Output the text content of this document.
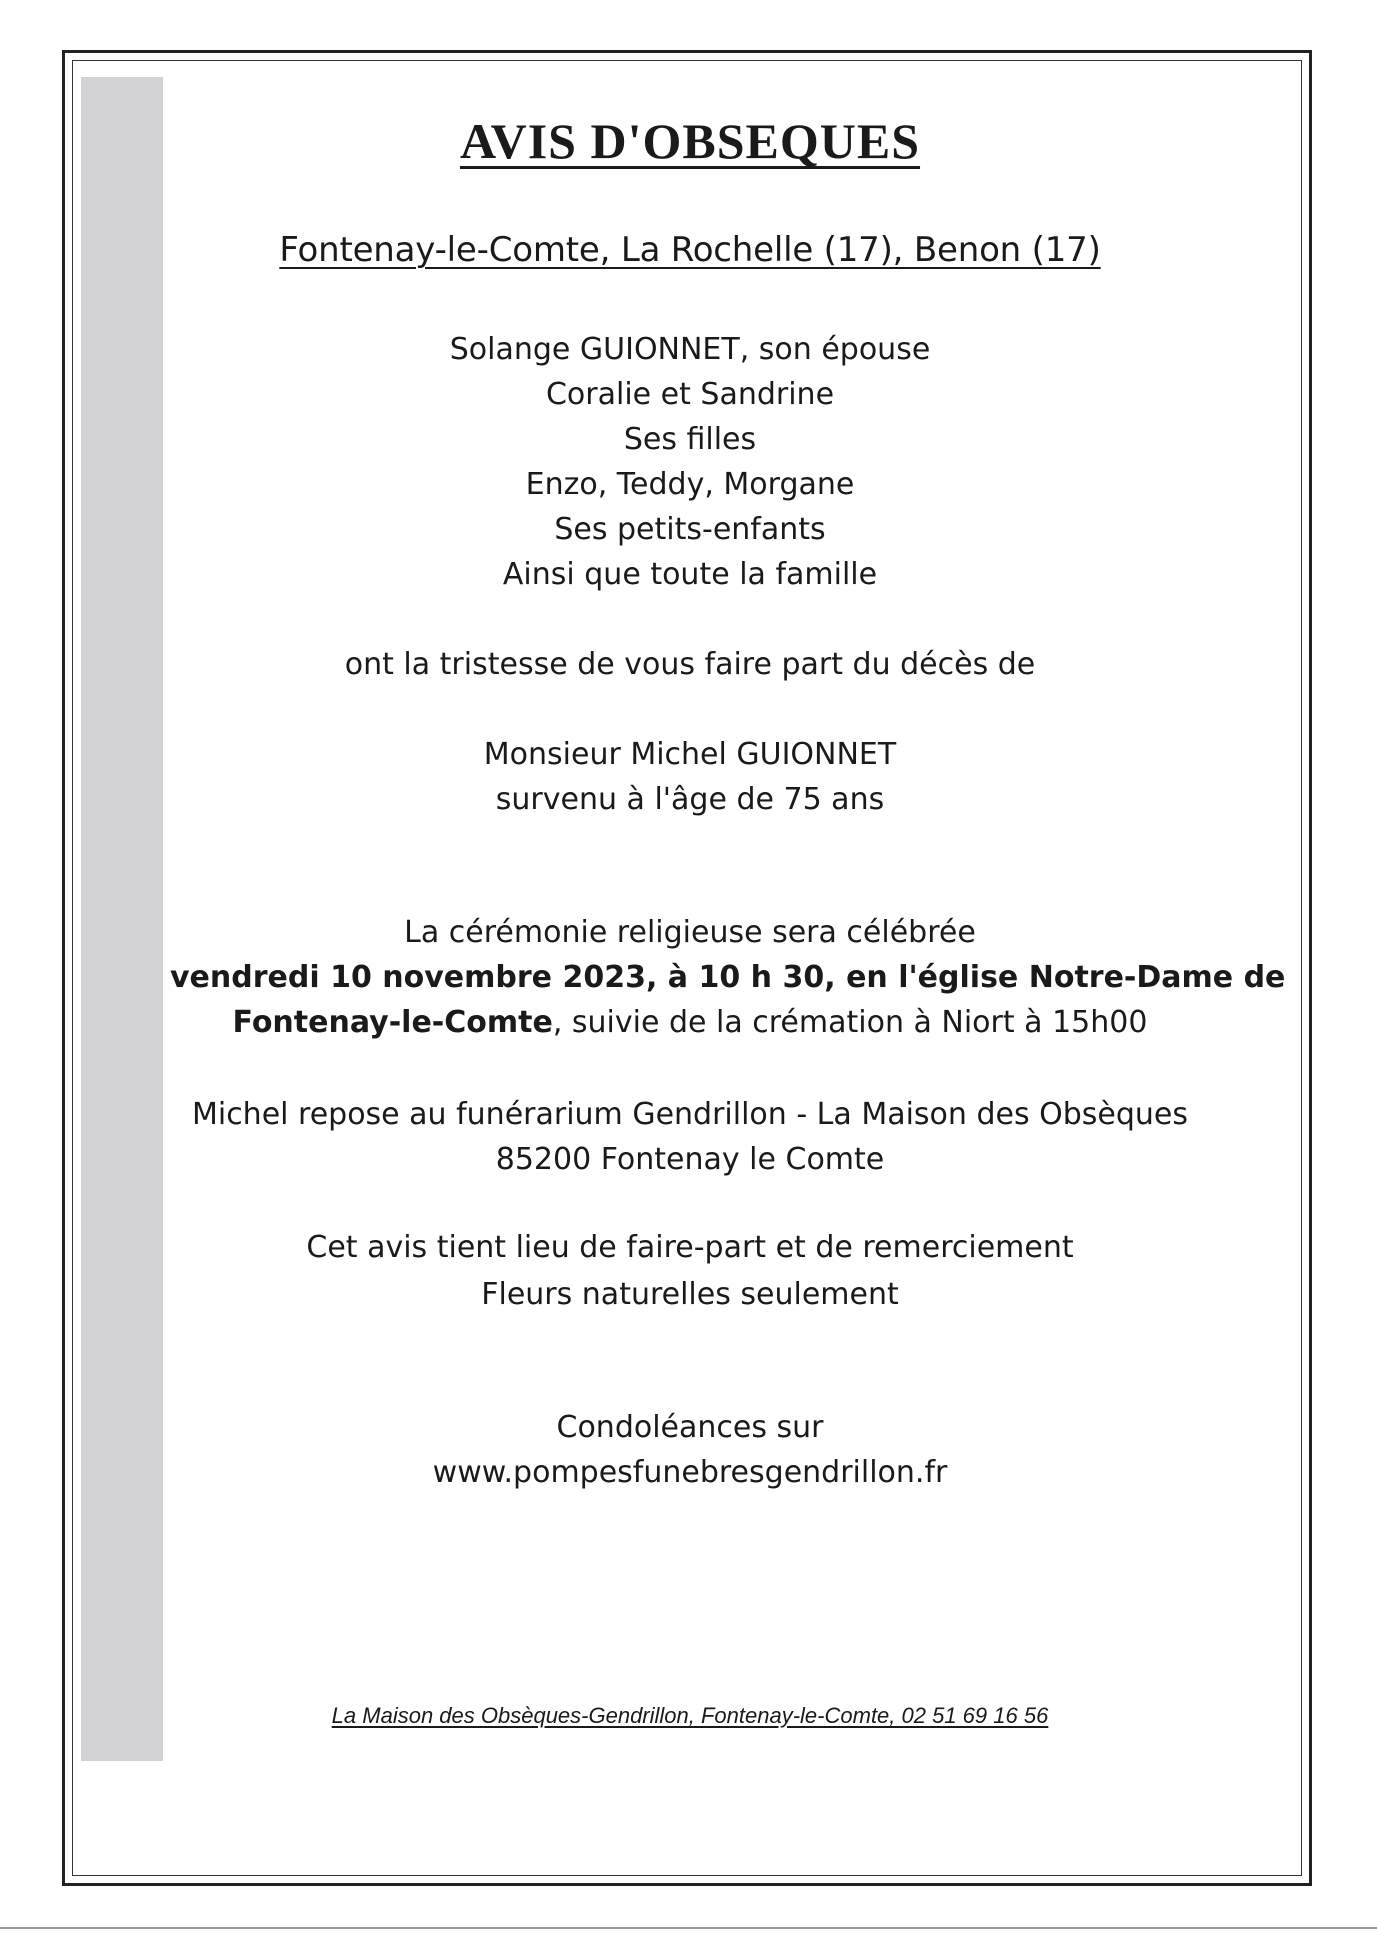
AVIS D'OBSEQUES
Fontenay-le-Comte, La Rochelle (17), Benon (17)
Solange GUIONNET, son épouse
Coralie et Sandrine
Ses filles
Enzo, Teddy, Morgane
Ses petits-enfants
Ainsi que toute la famille
ont la tristesse de vous faire part du décès de
Monsieur Michel GUIONNET
survenu à l'âge de 75 ans
La cérémonie religieuse sera célébrée
vendredi 10 novembre 2023, à 10 h 30, en l'église Notre-Dame de
Fontenay-le-Comte, suivie de la crémation à Niort à 15h00
Michel repose au funérarium Gendrillon - La Maison des Obsèques
85200 Fontenay le Comte
Cet avis tient lieu de faire-part et de remerciement
Fleurs naturelles seulement
Condoléances sur
www.pompesfunebresgendrillon.fr
La Maison des Obsèques-Gendrillon, Fontenay-le-Comte, 02 51 69 16 56
